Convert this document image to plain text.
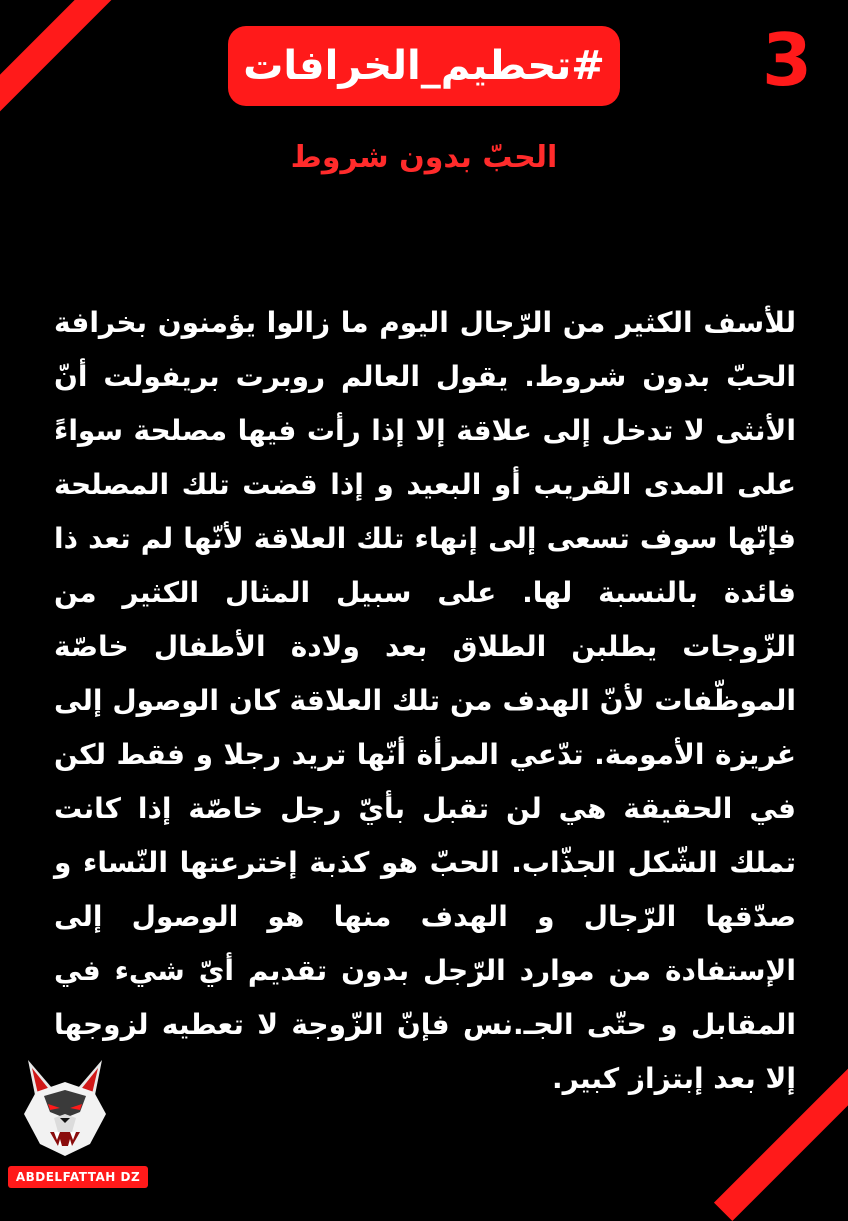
#تحطيم_الخرافات 3
الحبّ بدون شروط
للأسف الكثير من الرّجال اليوم ما زالوا يؤمنون بخرافة الحبّ بدون شروط. يقول العالم روبرت بريفولت أنّ الأنثى لا تدخل إلى علاقة إلا إذا رأت فيها مصلحة سواءً على المدى القريب أو البعيد و إذا قضت تلك المصلحة فإنّها سوف تسعى إلى إنهاء تلك العلاقة لأنّها لم تعد ذا فائدة بالنسبة لها. على سبيل المثال الكثير من الزّوجات يطلبن الطلاق بعد ولادة الأطفال خاصّة الموظّفات لأنّ الهدف من تلك العلاقة كان الوصول إلى غريزة الأمومة. تدّعي المرأة أنّها تريد رجلا و فقط لكن في الحقيقة هي لن تقبل بأيّ رجل خاصّة إذا كانت تملك الشّكل الجذّاب. الحبّ هو كذبة إخترعتها النّساء و صدّقها الرّجال و الهدف منها هو الوصول إلى الإستفادة من موارد الرّجل بدون تقديم أيّ شيء في المقابل و حتّى الجـ.نس فإنّ الزّوجة لا تعطيه لزوجها إلا بعد إبتزاز كبير.
ABDELFATTAH DZ
